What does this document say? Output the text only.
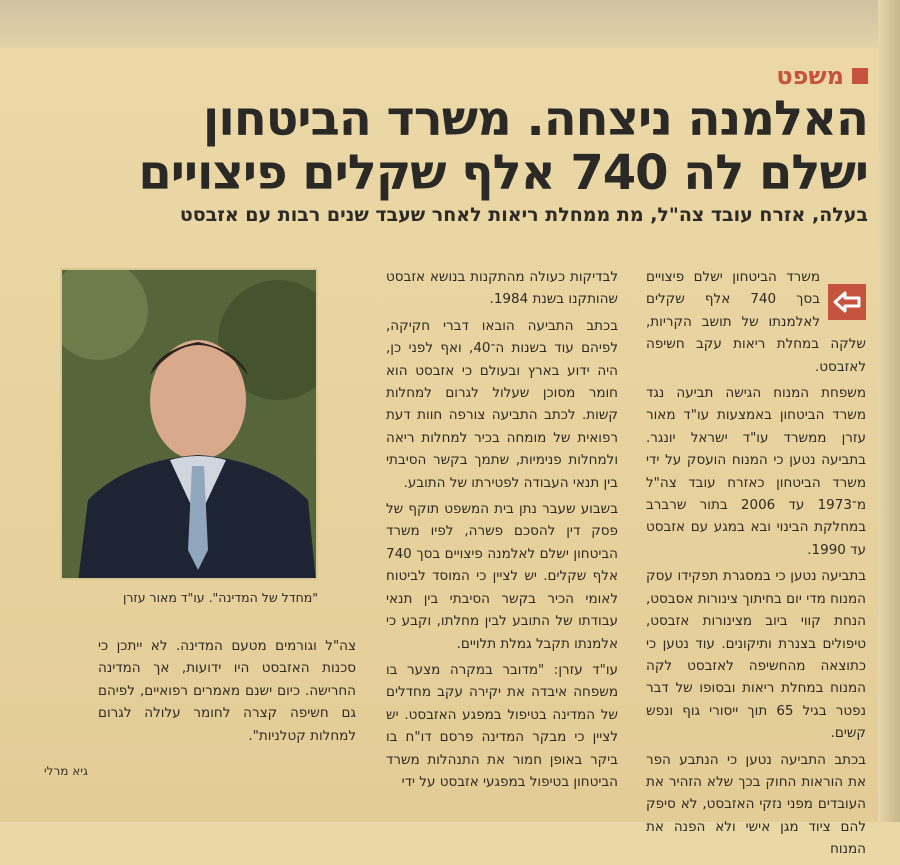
משפט
האלמנה ניצחה. משרד הביטחון
ישלם לה 740 אלף שקלים פיצויים
בעלה, אזרח עובד צה"ל, מת ממחלת ריאות לאחר שעבד שנים רבות עם אזבסט

משרד הביטחון ישלם פיצויים בסך 740 אלף שקלים לאלמנתו של תושב הקריות, שלקה במחלת ריאות עקב חשיפה לאזבסט.

משפחת המנוח הגישה תביעה נגד משרד הביטחון באמצעות עו"ד מאור עזרן ממשרד עו"ד ישראל יונגר. בתביעה נטען כי המנוח הועסק על ידי משרד הביטחון כאזרח עובד צה"ל מ־1973 עד 2006 בתור שרברב במחלקת הבינוי ובא במגע עם אזבסט עד 1990.

בתביעה נטען כי במסגרת תפקידו עסק המנוח מדי יום בחיתוך צינורות אסבסט, הנחת קווי ביוב מצינורות אזבסט, טיפולים בצנרת ותיקונים. עוד נטען כי כתוצאה מהחשיפה לאזבסט לקה המנוח במחלת ריאות ובסופו של דבר נפטר בגיל 65 תוך ייסורי גוף ונפש קשים.

בכתב התביעה נטען כי הנתבע הפר את הוראות החוק בכך שלא הזהיר את העובדים מפני נזקי האזבסט, לא סיפק להם ציוד מגן אישי ולא הפנה את המנוח

לבדיקות כעולה מהתקנות בנושא אזבסט שהותקנו בשנת 1984.

בכתב התביעה הובאו דברי חקיקה, לפיהם עוד בשנות ה־40, ואף לפני כן, היה ידוע בארץ ובעולם כי אזבסט הוא חומר מסוכן שעלול לגרום למחלות קשות. לכתב התביעה צורפה חוות דעת רפואית של מומחה בכיר למחלות ריאה ולמחלות פנימיות, שתמך בקשר הסיבתי בין תנאי העבודה לפטירתו של התובע.

בשבוע שעבר נתן בית המשפט תוקף של פסק דין להסכם פשרה, לפיו משרד הביטחון ישלם לאלמנה פיצויים בסך 740 אלף שקלים. יש לציין כי המוסד לביטוח לאומי הכיר בקשר הסיבתי בין תנאי עבודתו של התובע לבין מחלתו, וקבע כי אלמנתו תקבל גמלת תלויים.

עו"ד עזרן: "מדובר במקרה מצער בו משפחה איבדה את יקירה עקב מחדלים של המדינה בטיפול במפגע האזבסט. יש לציין כי מבקר המדינה פרסם דו"ח בו ביקר באופן חמור את התנהלות משרד הביטחון בטיפול במפגעי אזבסט על ידי

"מחדל של המדינה". עו"ד מאור עזרן

צה"ל וגורמים מטעם המדינה. לא ייתכן כי סכנות האזבסט היו ידועות, אך המדינה החרישה. כיום ישנם מאמרים רפואיים, לפיהם גם חשיפה קצרה לחומר עלולה לגרום למחלות קטלניות".

גיא מרלי
